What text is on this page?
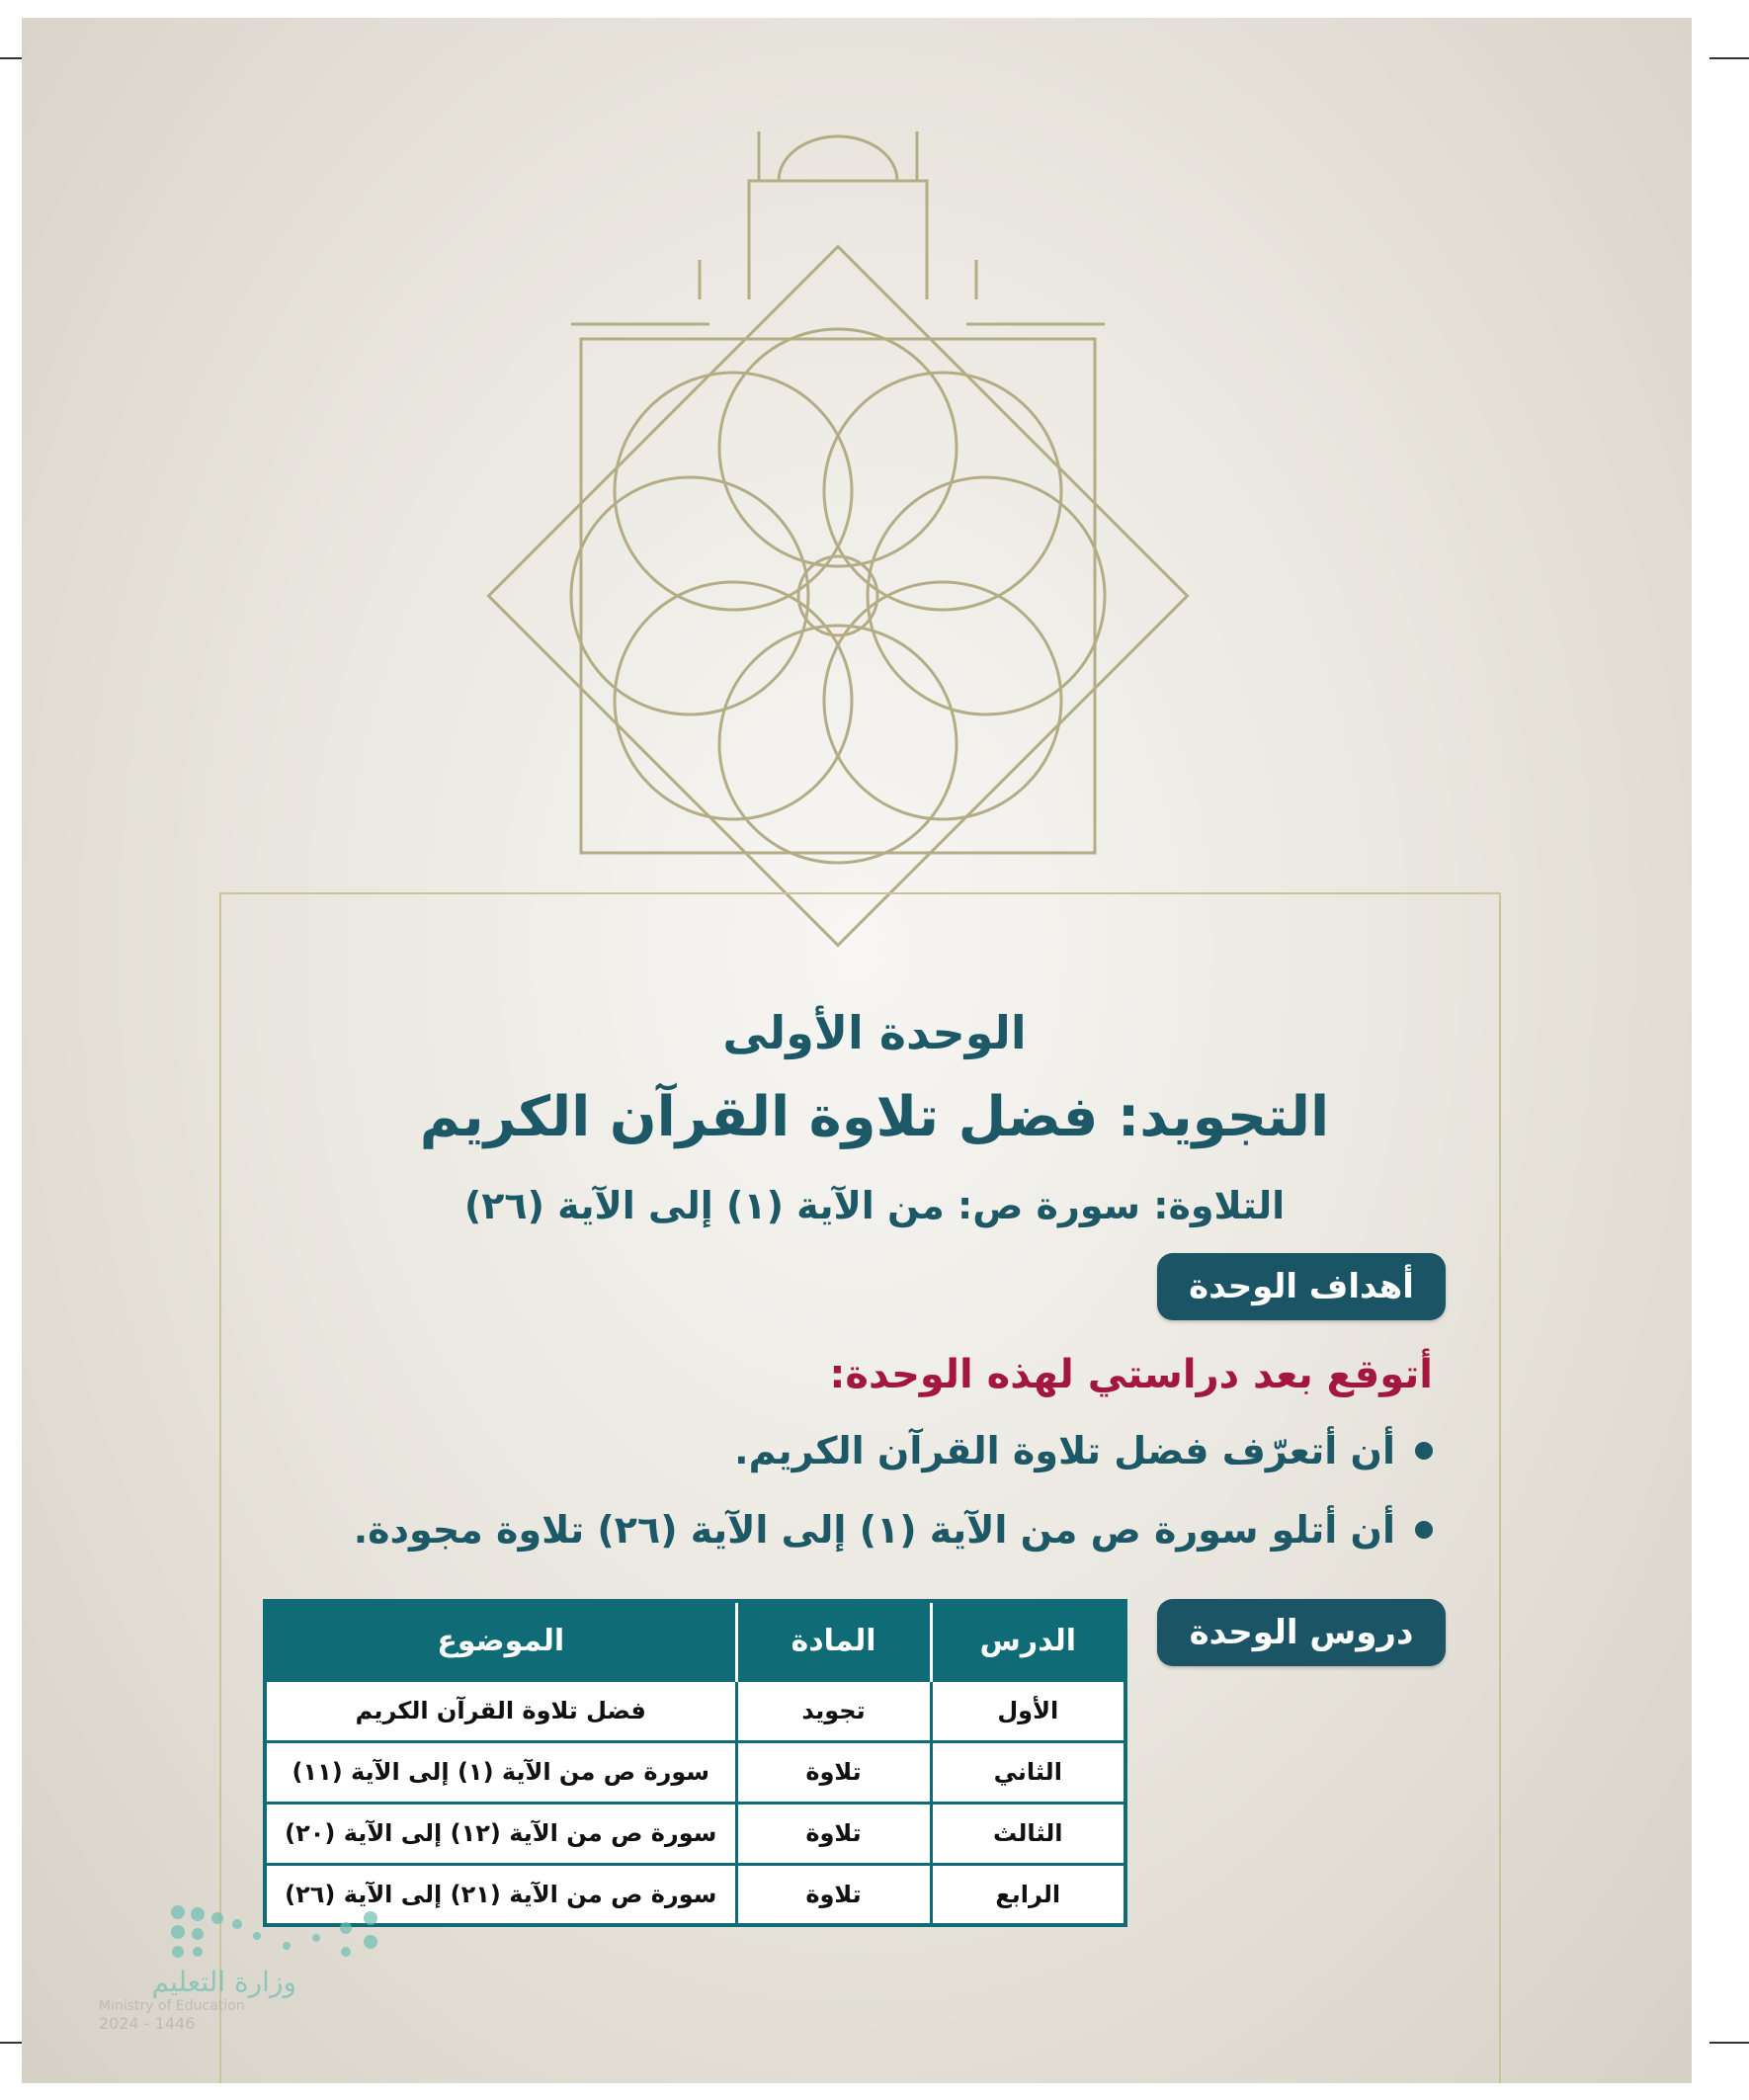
الوحدة الأولى
التجويد: فضل تلاوة القرآن الكريم
التلاوة: سورة ص: من الآية (١) إلى الآية (٢٦)
أهداف الوحدة
أتوقع بعد دراستي لهذه الوحدة:
أن أتعرّف فضل تلاوة القرآن الكريم.
أن أتلو سورة ص من الآية (١) إلى الآية (٢٦) تلاوة مجودة.
دروس الوحدة
الدرس	المادة	الموضوع
الأول	تجويد	فضل تلاوة القرآن الكريم
الثاني	تلاوة	سورة ص من الآية (١) إلى الآية (١١)
الثالث	تلاوة	سورة ص من الآية (١٢) إلى الآية (٢٠)
الرابع	تلاوة	سورة ص من الآية (٢١) إلى الآية (٢٦)
وزارة التعليم
Ministry of Education
2024 - 1446
